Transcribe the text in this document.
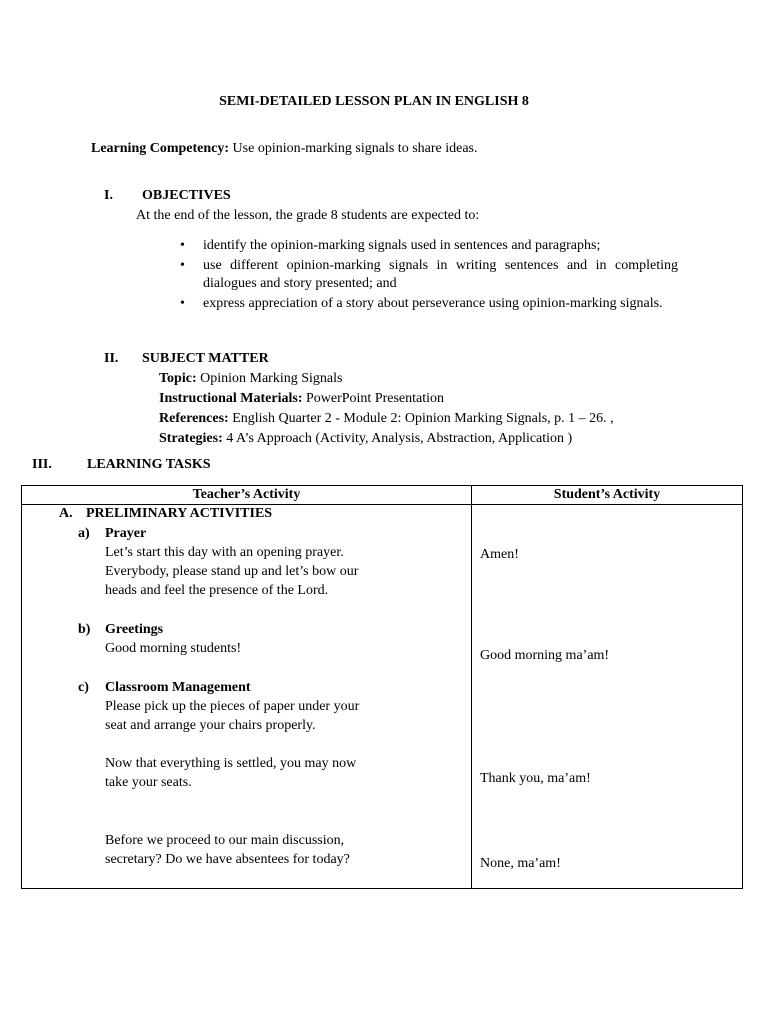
SEMI-DETAILED LESSON PLAN IN ENGLISH 8
Learning Competency: Use opinion-marking signals to share ideas.
I. OBJECTIVES
At the end of the lesson, the grade 8 students are expected to:
• identify the opinion-marking signals used in sentences and paragraphs;
• use different opinion-marking signals in writing sentences and in completing dialogues and story presented; and
• express appreciation of a story about perseverance using opinion-marking signals.
II. SUBJECT MATTER
Topic: Opinion Marking Signals
Instructional Materials: PowerPoint Presentation
References: English Quarter 2 - Module 2: Opinion Marking Signals, p. 1 – 26. ,
Strategies: 4 A’s Approach (Activity, Analysis, Abstraction, Application )
III.	LEARNING TASKS
Teacher’s Activity	Student’s Activity
A. PRELIMINARY ACTIVITIES
a) Prayer
Let’s start this day with an opening prayer.
Everybody, please stand up and let’s bow our
heads and feel the presence of the Lord.
Amen!
b) Greetings
Good morning students!	Good morning ma’am!
c) Classroom Management
Please pick up the pieces of paper under your
seat and arrange your chairs properly.
Now that everything is settled, you may now
take your seats.	Thank you, ma’am!
Before we proceed to our main discussion,
secretary? Do we have absentees for today?	None, ma’am!
